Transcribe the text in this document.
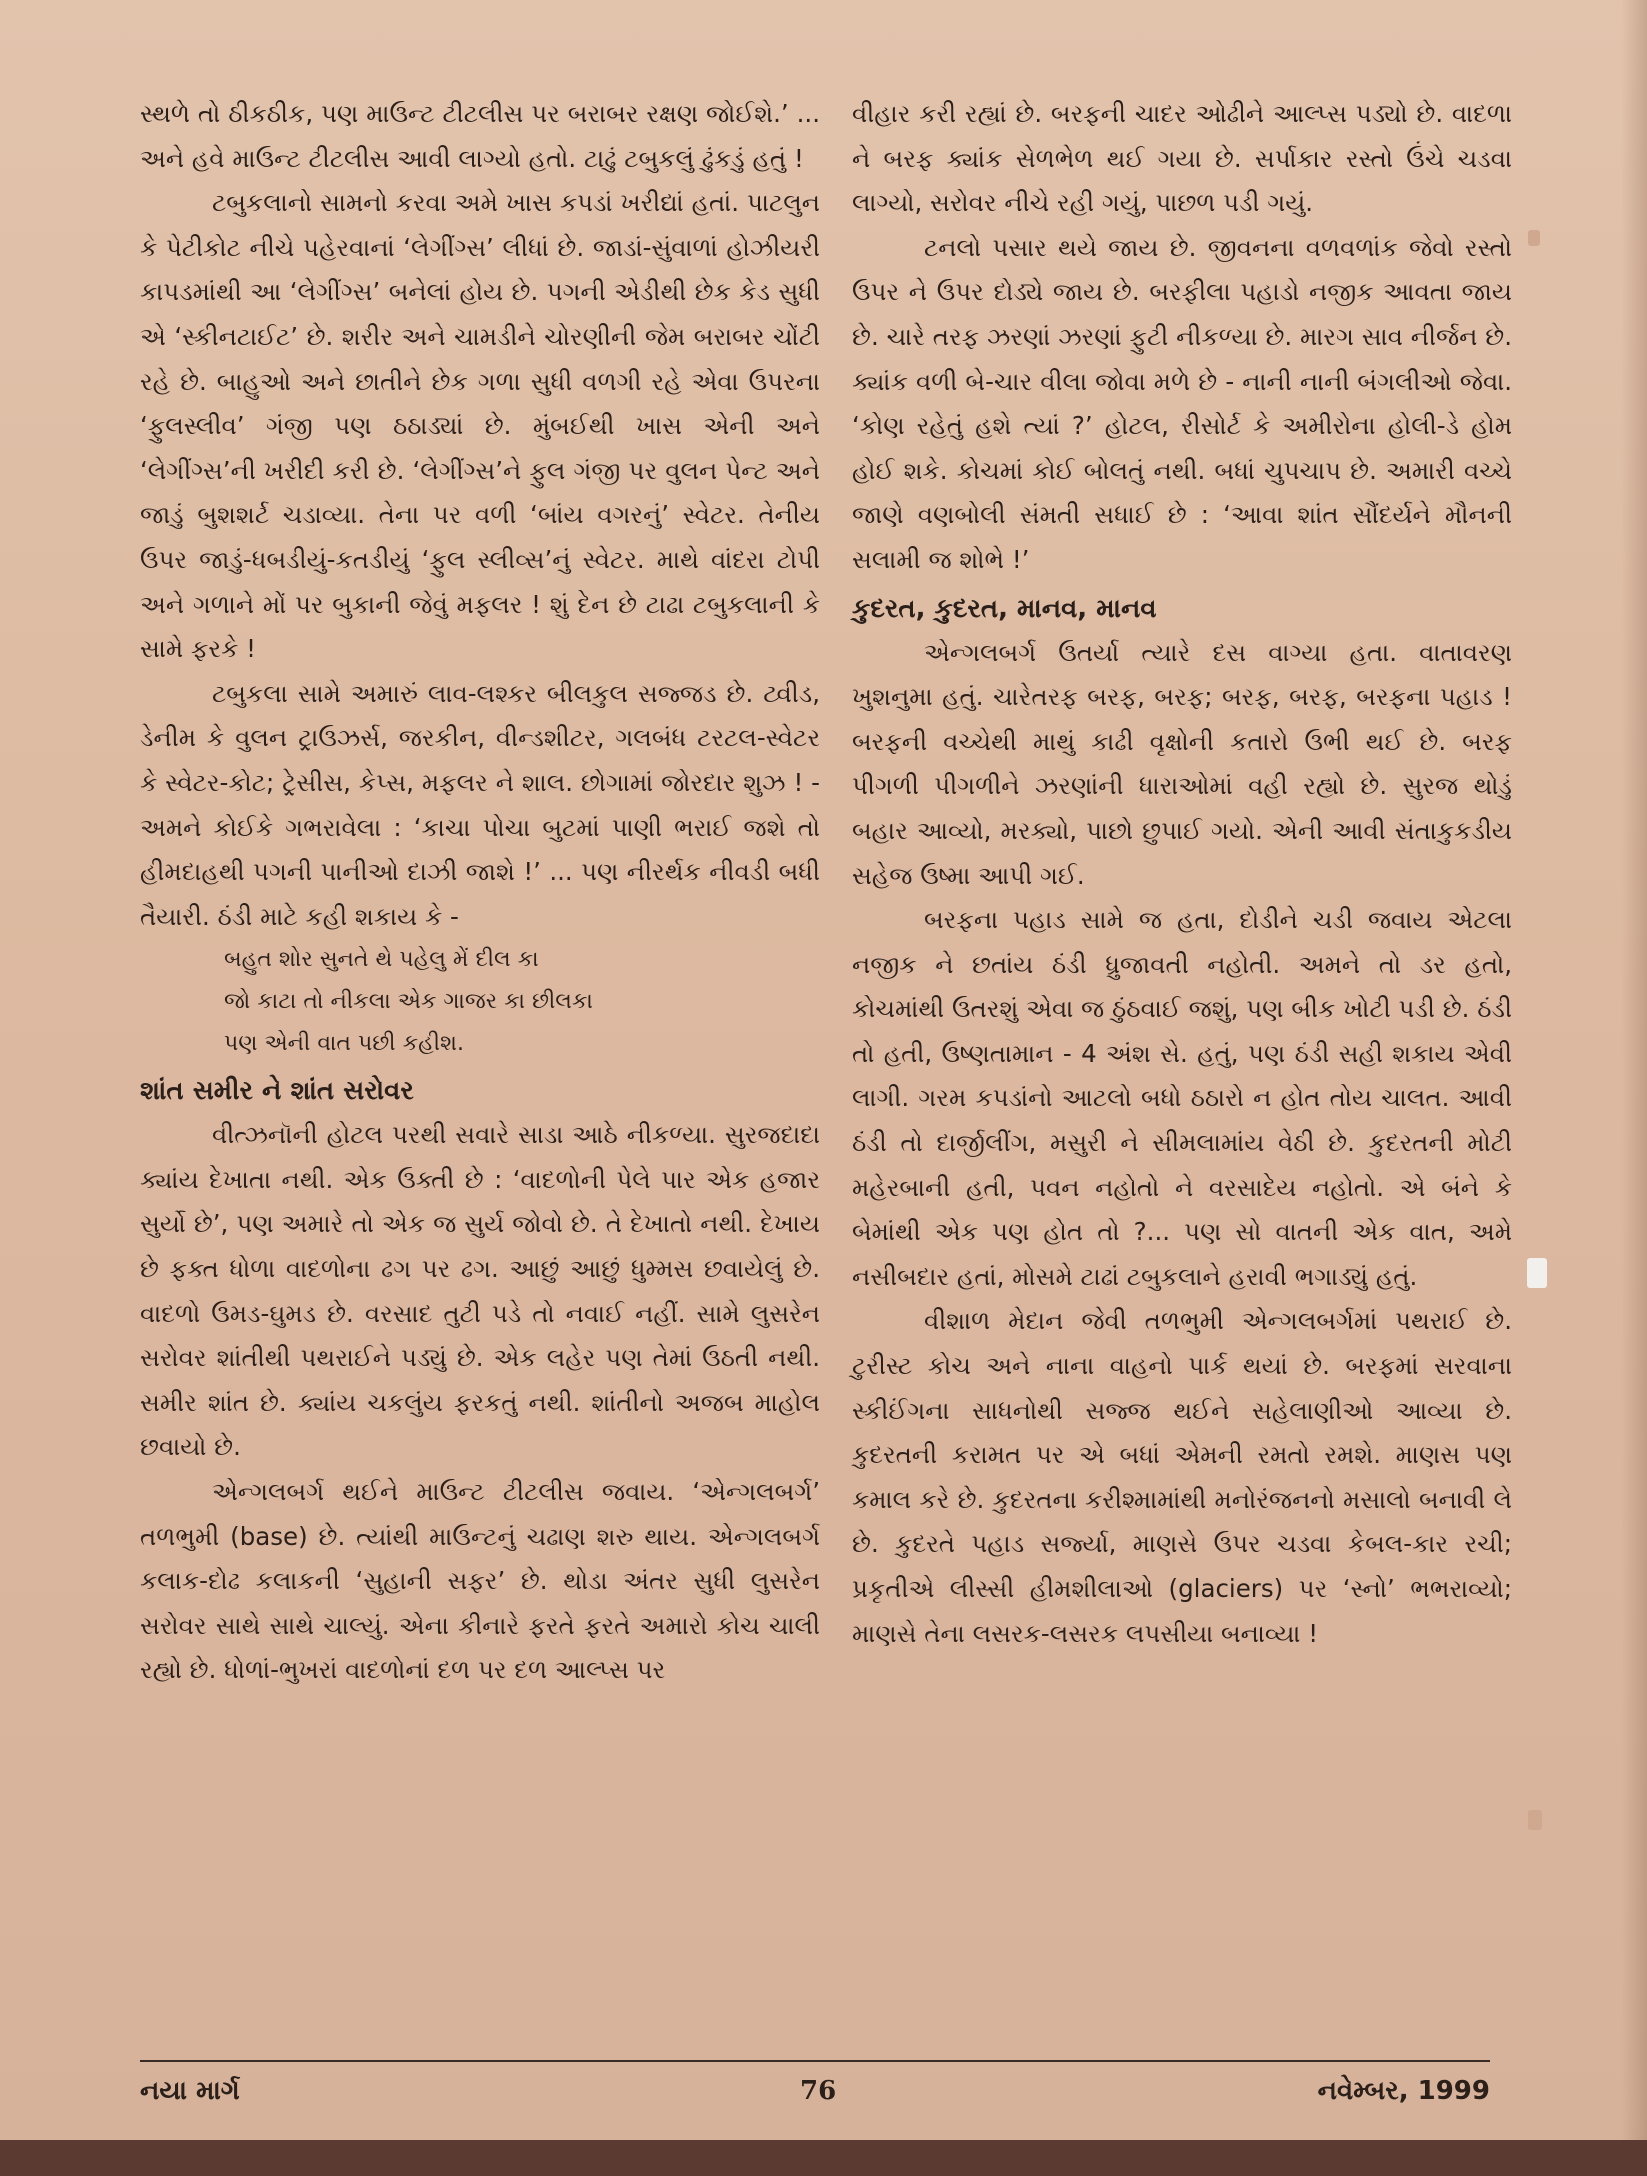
સ્થળે તો ઠીકઠીક, પણ માઉન્ટ ટીટલીસ પર બરાબર રક્ષણ જોઈશે.’ ... અને હવે માઉન્ટ ટીટલીસ આવી લાગ્યો હતો. ટાઢું ટબુકલું ઢુંકડું હતું !

ટબુકલાનો સામનો કરવા અમે ખાસ કપડાં ખરીદ્યાં હતાં. પાટલુન કે પેટીકોટ નીચે પહેરવાનાં ‘લેગીંગ્સ’ લીધાં છે. જાડાં-સુંવાળાં હોઝીયરી કાપડમાંથી આ ‘લેગીંગ્સ’ બનેલાં હોય છે. પગની એડીથી છેક કેડ સુધી એ ‘સ્કીનટાઈટ’ છે. શરીર અને ચામડીને ચોરણીની જેમ બરાબર ચોંટી રહે છે. બાહુઓ અને છાતીને છેક ગળા સુધી વળગી રહે એવા ઉપરના ‘ફુલસ્લીવ’ ગંજી પણ ઠઠાડ્યાં છે. મુંબઈથી ખાસ એની અને ‘લેગીંગ્સ’ની ખરીદી કરી છે. ‘લેગીંગ્સ’ને ફુલ ગંજી પર વુલન પેન્ટ અને જાડું બુશશર્ટ ચડાવ્યા. તેના પર વળી ‘બાંય વગરનું’ સ્વેટર. તેનીય ઉપર જાડું-ધબડીયું-કતડીયું ‘ફુલ સ્લીવ્સ’નું સ્વેટર. માથે વાંદરા ટોપી અને ગળાને મોં પર બુકાની જેવું મફલર ! શું દેન છે ટાઢા ટબુકલાની કે સામે ફરકે !

ટબુકલા સામે અમારું લાવ-લશ્કર બીલકુલ સજ્જડ છે. ટ્વીડ, ડેનીમ કે વુલન ટ્રાઉઝર્સ, જરકીન, વીન્ડશીટર, ગલબંધ ટરટલ-સ્વેટર કે સ્વેટર-કોટ; ટ્રેસીસ, કેપ્સ, મફલર ને શાલ. છોગામાં જોરદાર શુઝ ! - અમને કોઈકે ગભરાવેલા : ‘કાચા પોચા બુટમાં પાણી ભરાઈ જશે તો હીમદાહથી પગની પાનીઓ દાઝી જાશે !’ ... પણ નીરર્થક નીવડી બધી તૈયારી. ઠંડી માટે કહી શકાય કે -

બહુત શોર સુનતે થે પહેલુ મેં દીલ કા
જો કાટા તો નીકલા એક ગાજર કા છીલકા
પણ એની વાત પછી કહીશ.
શાંત સમીર ને શાંત સરોવર

વીત્ઝનૉની હોટલ પરથી સવારે સાડા આઠે નીકળ્યા. સુરજદાદા ક્યાંય દેખાતા નથી. એક ઉક્તી છે : ‘વાદળોની પેલે પાર એક હજાર સુર્યો છે’, પણ અમારે તો એક જ સુર્ય જોવો છે. તે દેખાતો નથી. દેખાય છે ફક્ત ધોળા વાદળોના ઢગ પર ઢગ. આછું આછું ધુમ્મસ છવાયેલું છે. વાદળો ઉમડ-ઘુમડ છે. વરસાદ તુટી પડે તો નવાઈ નહીં. સામે લુસરેન સરોવર શાંતીથી પથરાઈને પડ્યું છે. એક લહેર પણ તેમાં ઉઠતી નથી. સમીર શાંત છે. ક્યાંય ચકલુંય ફરકતું નથી. શાંતીનો અજબ માહોલ છવાયો છે.

એન્ગલબર્ગ થઈને માઉન્ટ ટીટલીસ જવાય. ‘એન્ગલબર્ગ’ તળભુમી (base) છે. ત્યાંથી માઉન્ટનું ચઢાણ શરુ થાય. એન્ગલબર્ગ કલાક-દોઢ કલાકની ‘સુહાની સફર’ છે. થોડા અંતર સુધી લુસરેન સરોવર સાથે સાથે ચાલ્યું. એના કીનારે ફરતે ફરતે અમારો કોચ ચાલી રહ્યો છે. ધોળાં-ભુખરાં વાદળોનાં દળ પર દળ આલ્પ્સ પર

વીહાર કરી રહ્યાં છે. બરફની ચાદર ઓઢીને આલ્પ્સ પડ્યો છે. વાદળા ને બરફ ક્યાંક સેળભેળ થઈ ગયા છે. સર્પાકાર રસ્તો ઉંચે ચડવા લાગ્યો, સરોવર નીચે રહી ગયું, પાછળ પડી ગયું.

ટનલો પસાર થયે જાય છે. જીવનના વળવળાંક જેવો રસ્તો ઉપર ને ઉપર દોડ્યે જાય છે. બરફીલા પહાડો નજીક આવતા જાય છે. ચારે તરફ ઝરણાં ઝરણાં ફુટી નીકળ્યા છે. મારગ સાવ નીર્જન છે. ક્યાંક વળી બે-ચાર વીલા જોવા મળે છે - નાની નાની બંગલીઓ જેવા. ‘કોણ રહેતું હશે ત્યાં ?’ હોટલ, રીસોર્ટ કે અમીરોના હોલી-ડે હોમ હોઈ શકે. કોચમાં કોઈ બોલતું નથી. બધાં ચુપચાપ છે. અમારી વચ્ચે જાણે વણબોલી સંમતી સધાઈ છે : ‘આવા શાંત સૌંદર્યને મૌનની સલામી જ શોભે !’

કુદરત, કુદરત, માનવ, માનવ

એન્ગલબર્ગ ઉતર્યા ત્યારે દસ વાગ્યા હતા. વાતાવરણ ખુશનુમા હતું. ચારેતરફ બરફ, બરફ; બરફ, બરફ, બરફના પહાડ ! બરફની વચ્ચેથી માથું કાઢી વૃક્ષોની કતારો ઉભી થઈ છે. બરફ પીગળી પીગળીને ઝરણાંની ધારાઓમાં વહી રહ્યો છે. સુરજ થોડું બહાર આવ્યો, મરક્યો, પાછો છુપાઈ ગયો. એની આવી સંતાકુકડીય સહેજ ઉષ્મા આપી ગઈ.

બરફના પહાડ સામે જ હતા, દોડીને ચડી જવાય એટલા નજીક ને છતાંય ઠંડી ધ્રુજાવતી નહોતી. અમને તો ડર હતો, કોચમાંથી ઉતરશું એવા જ ઠુંઠવાઈ જશું, પણ બીક ખોટી પડી છે. ઠંડી તો હતી, ઉષ્ણતામાન - 4 અંશ સે. હતું, પણ ઠંડી સહી શકાય એવી લાગી. ગરમ કપડાંનો આટલો બધો ઠઠારો ન હોત તોય ચાલત. આવી ઠંડી તો દાર્જીલીંગ, મસુરી ને સીમલામાંય વેઠી છે. કુદરતની મોટી મહેરબાની હતી, પવન નહોતો ને વરસાદેય નહોતો. એ બંને કે બેમાંથી એક પણ હોત તો ?... પણ સો વાતની એક વાત, અમે નસીબદાર હતાં, મોસમે ટાઢાં ટબુકલાને હરાવી ભગાડ્યું હતું.

વીશાળ મેદાન જેવી તળભુમી એન્ગલબર્ગમાં પથરાઈ છે. ટુરીસ્ટ કોચ અને નાના વાહનો પાર્ક થયાં છે. બરફમાં સરવાના સ્કીઈંગના સાધનોથી સજ્જ થઈને સહેલાણીઓ આવ્યા છે. કુદરતની કરામત પર એ બધાં એમની રમતો રમશે. માણસ પણ કમાલ કરે છે. કુદરતના કરીશ્મામાંથી મનોરંજનનો મસાલો બનાવી લે છે. કુદરતે પહાડ સર્જ્યા, માણસે ઉપર ચડવા કેબલ-કાર રચી; પ્રકૃતીએ લીસ્સી હીમશીલાઓ (glaciers) પર ‘સ્નો’ ભભરાવ્યો; માણસે તેના લસરક-લસરક લપસીયા બનાવ્યા !

નયા માર્ગ	76	નવેમ્બર, 1999
